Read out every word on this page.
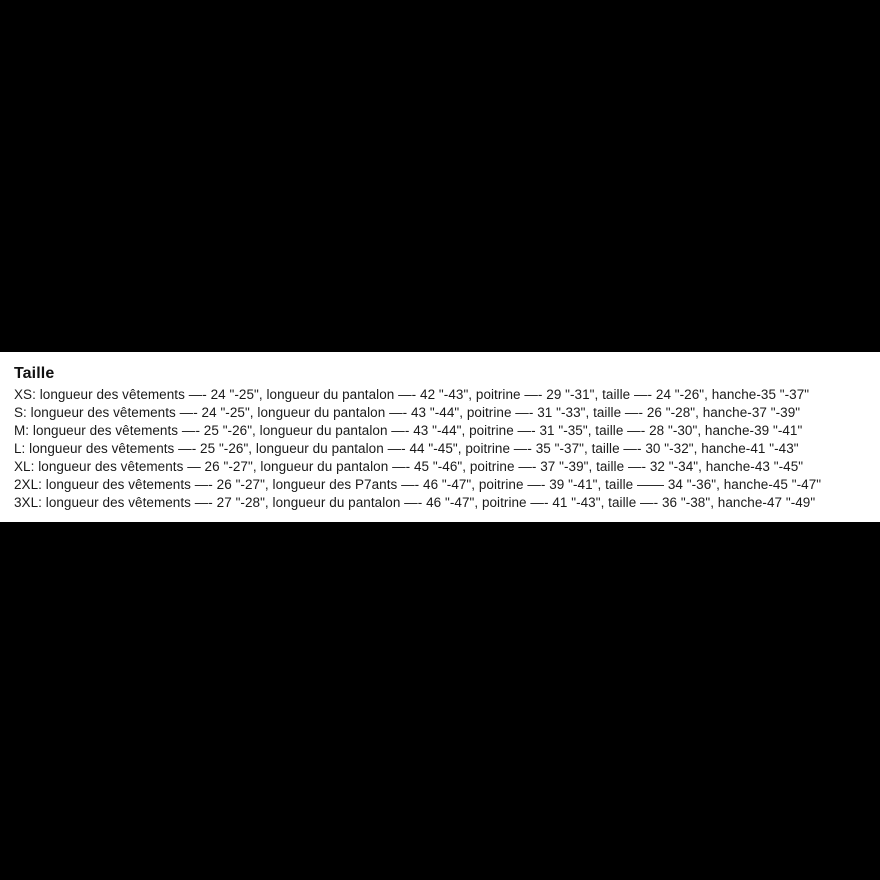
Taille
XS: longueur des vêtements —- 24 "-25", longueur du pantalon —- 42 "-43", poitrine —- 29 "-31", taille —- 24 "-26", hanche-35 "-37"
S: longueur des vêtements —- 24 "-25", longueur du pantalon —- 43 "-44", poitrine —- 31 "-33", taille —- 26 "-28", hanche-37 "-39"
M: longueur des vêtements —- 25 "-26", longueur du pantalon —- 43 "-44", poitrine —- 31 "-35", taille —- 28 "-30", hanche-39 "-41"
L: longueur des vêtements —- 25 "-26", longueur du pantalon —- 44 "-45", poitrine —- 35 "-37", taille —- 30 "-32", hanche-41 "-43"
XL: longueur des vêtements — 26 "-27", longueur du pantalon —- 45 "-46", poitrine —- 37 "-39", taille —- 32 "-34", hanche-43 "-45"
2XL: longueur des vêtements —- 26 "-27", longueur des P7ants —- 46 "-47", poitrine —- 39 "-41", taille —— 34 "-36", hanche-45 "-47"
3XL: longueur des vêtements —- 27 "-28", longueur du pantalon —- 46 "-47", poitrine —- 41 "-43", taille —- 36 "-38", hanche-47 "-49"
